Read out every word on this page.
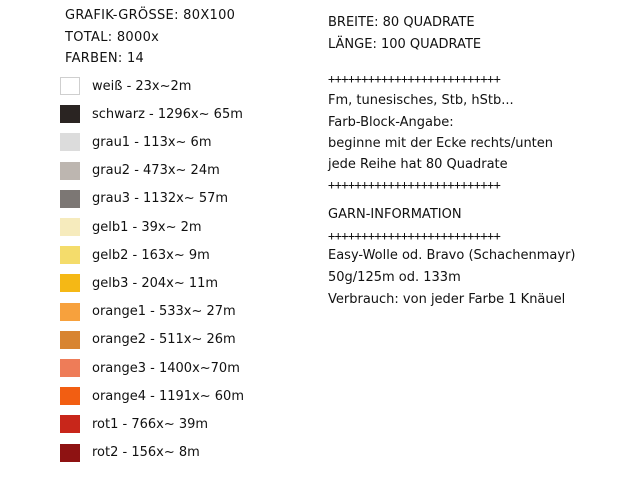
GRAFIK-GRÖSSE: 80X100
TOTAL: 8000x
FARBEN: 14
weiß - 23x~2m
schwarz - 1296x~ 65m
grau1 - 113x~ 6m
grau2 - 473x~ 24m
grau3 - 1132x~ 57m
gelb1 - 39x~ 2m
gelb2 - 163x~ 9m
gelb3 - 204x~ 11m
orange1 - 533x~ 27m
orange2 - 511x~ 26m
orange3 - 1400x~70m
orange4 - 1191x~ 60m
rot1 - 766x~ 39m
rot2 - 156x~ 8m
BREITE: 80 QUADRATE
LÄNGE: 100 QUADRATE
++++++++++++++++++++++++++
Fm, tunesisches, Stb, hStb...
Farb-Block-Angabe:
beginne mit der Ecke rechts/unten
jede Reihe hat 80 Quadrate
++++++++++++++++++++++++++
GARN-INFORMATION
++++++++++++++++++++++++++
Easy-Wolle od. Bravo (Schachenmayr)
50g/125m od. 133m
Verbrauch: von jeder Farbe 1 Knäuel
